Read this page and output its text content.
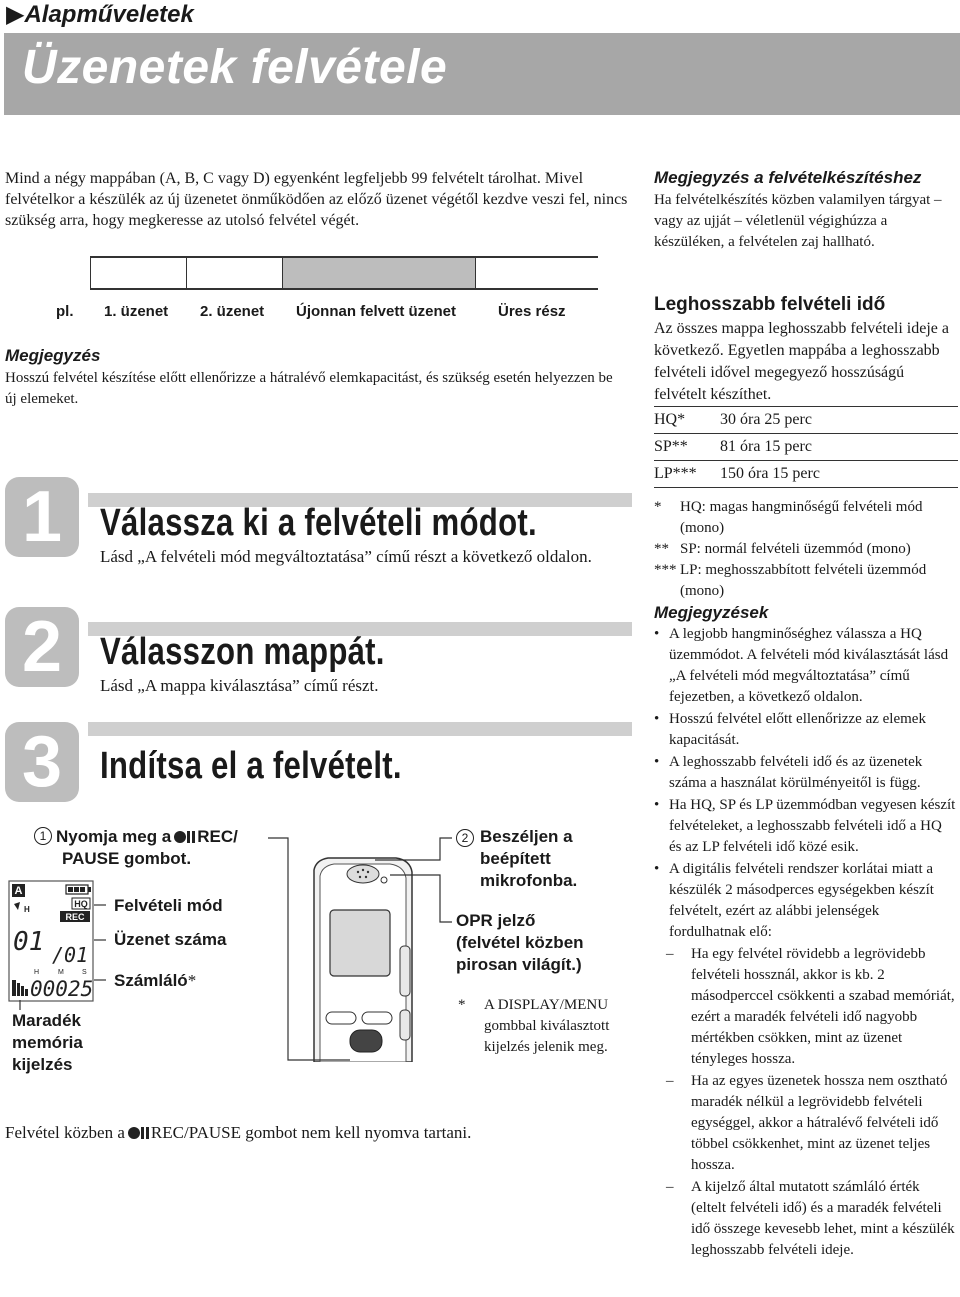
▶Alapműveletek
Üzenetek felvétele
Mind a négy mappában (A, B, C vagy D) egyenként legfeljebb 99 felvételt tárolhat. Mivel felvételkor a készülék az új üzenetet önműködően az előző üzenet végétől kezdve veszi fel, nincs szükség arra, hogy megkeresse az utolsó felvétel végét.
pl. 1. üzenet 2. üzenet Újonnan felvett üzenet	Üres rész
Megjegyzés
Hosszú felvétel készítése előtt ellenőrizze a hátralévő elemkapacitást, és szükség esetén helyezzen be új elemeket.
1 Válassza ki a felvételi módot.
Lásd „A felvételi mód megváltoztatása” című részt a következő oldalon.
2 Válasszon mappát.
Lásd „A mappa kiválasztása” című részt.
3 Indítsa el a felvételt.
1 Nyomja meg a REC/
PAUSE gombot.
2 Beszéljen a beépített mikrofonba.
OPR jelző (felvétel közben pirosan világít.)
Felvételi mód
Üzenet száma
Számláló*
Maradék memória kijelzés
* A DISPLAY/MENU gombbal kiválasztott kijelzés jelenik meg.
A
H
HQ
REC
01 /01
H	M	S
00025
Felvétel közben a REC/PAUSE gombot nem kell nyomva tartani.
Megjegyzés a felvételkészítéshez
Ha felvételkészítés közben valamilyen tárgyat – vagy az ujját – véletlenül végighúzza a készüléken, a felvételen zaj hallható.
Leghosszabb felvételi idő
Az összes mappa leghosszabb felvételi ideje a következő. Egyetlen mappába a leghosszabb felvételi idővel megegyező hosszúságú felvételt készíthet.
HQ*	30 óra 25 perc
SP**	81 óra 15 perc
LP***	150 óra 15 perc
* HQ: magas hangminőségű felvételi mód (mono)
** SP: normál felvételi üzemmód (mono)
*** LP: meghosszabbított felvételi üzemmód (mono)
Megjegyzések
• A legjobb hangminőséghez válassza a HQ üzemmódot. A felvételi mód kiválasztását lásd „A felvételi mód megváltoztatása” című fejezetben, a következő oldalon.
• Hosszú felvétel előtt ellenőrizze az elemek kapacitását.
• A leghosszabb felvételi idő és az üzenetek száma a használat körülményeitől is függ.
• Ha HQ, SP és LP üzemmódban vegyesen készít felvételeket, a leghosszabb felvételi idő a HQ és az LP felvételi idő közé esik.
• A digitális felvételi rendszer korlátai miatt a készülék 2 másodperces egységekben készít felvételt, ezért az alábbi jelenségek fordulhatnak elő:
– Ha egy felvétel rövidebb a legrövidebb felvételi hossznál, akkor is kb. 2 másodperccel csökkenti a szabad memóriát, ezért a maradék felvételi idő nagyobb mértékben csökken, mint az üzenet tényleges hossza.
– Ha az egyes üzenetek hossza nem osztható maradék nélkül a legrövidebb felvételi egységgel, akkor a hátralévő felvételi idő többel csökkenhet, mint az üzenet teljes hossza.
– A kijelző által mutatott számláló érték (eltelt felvételi idő) és a maradék felvételi idő összege kevesebb lehet, mint a készülék leghosszabb felvételi ideje.
